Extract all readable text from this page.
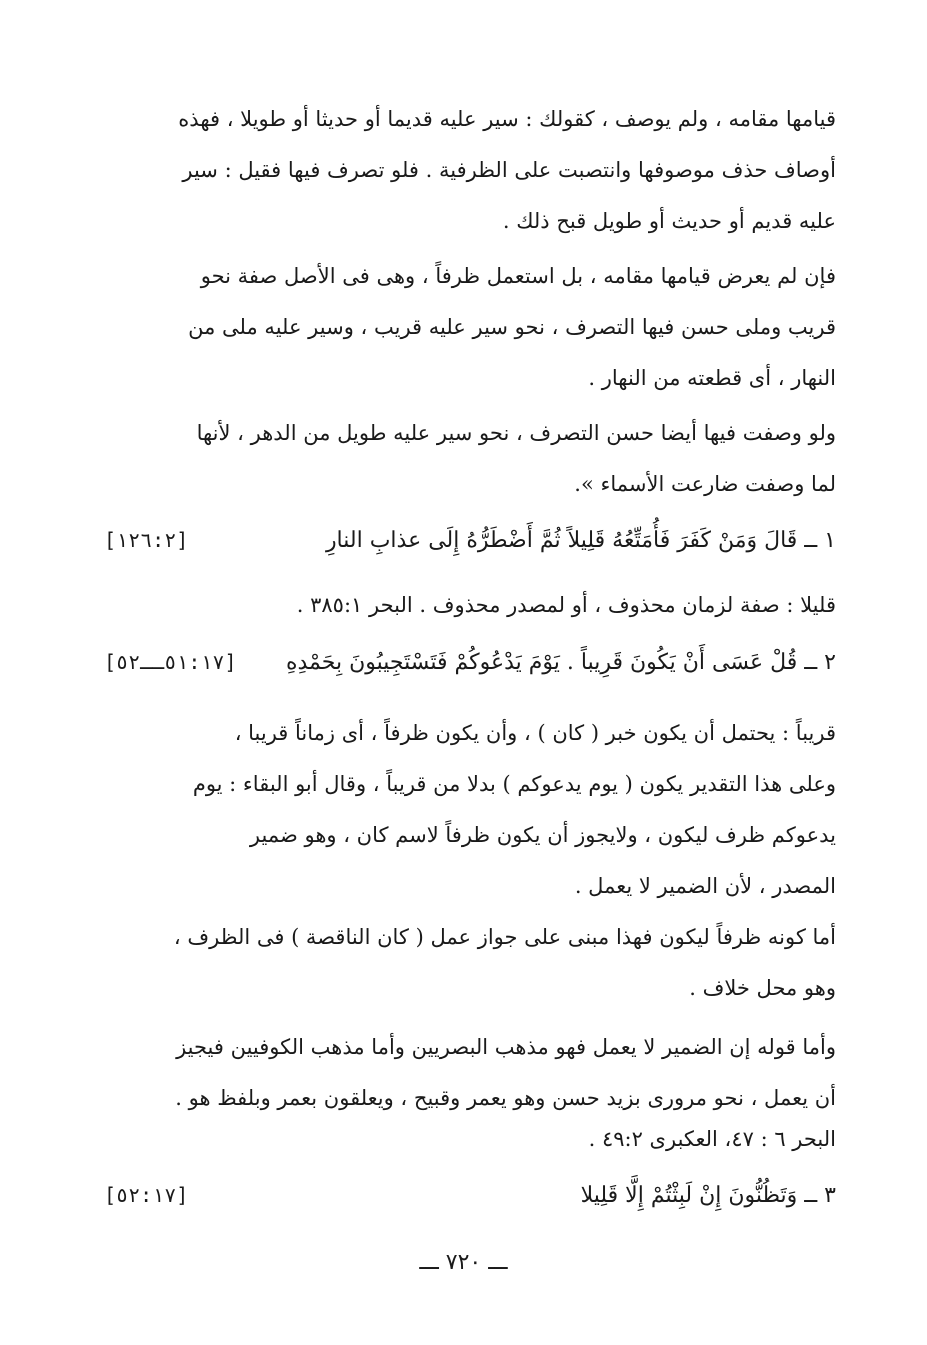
قيامها مقامه ، ولم يوصف ، كقولك : سير عليه قديما أو حديثا أو طويلا ، فهذه
أوصاف حذف موصوفها وانتصبت على الظرفية . فلو تصرف فيها فقيل : سير
عليه قديم أو حديث أو طويل قبح ذلك .
فإن لم يعرض قيامها مقامه ، بل استعمل ظرفاً ، وهى فى الأصل صفة نحو
قريب وملى حسن فيها التصرف ، نحو سير عليه قريب ، وسير عليه ملى من
النهار ، أى قطعته من النهار .
ولو وصفت فيها أيضا حسن التصرف ، نحو سير عليه طويل من الدهر ، لأنها
لما وصفت ضارعت الأسماء ».
١ ــ قَالَ وَمَنْ كَفَرَ فَأُمَتِّعُهُ قَلِيلاً ثُمَّ أَضْطَرُّهُ إِلَى عذابِ النارِ
[١٢٦:٢]
قليلا : صفة لزمان محذوف ، أو لمصدر محذوف . البحر ٣٨٥:١ .
٢ ــ قُلْ عَسَى أَنْ يَكُونَ قَرِيباً . يَوْمَ يَدْعُوكُمْ فَتَسْتَجِيبُونَ بِحَمْدِهِ
[٥١:١٧ــ٥٢]
قريباً : يحتمل أن يكون خبر ( كان ) ، وأن يكون ظرفاً ، أى زماناً قريبا ،
وعلى هذا التقدير يكون ( يوم يدعوكم ) بدلا من قريباً ، وقال أبو البقاء : يوم
يدعوكم ظرف ليكون ، ولايجوز أن يكون ظرفاً لاسم كان ، وهو ضمير
المصدر ، لأن الضمير لا يعمل .
أما كونه ظرفاً ليكون فهذا مبنى على جواز عمل ( كان الناقصة ) فى الظرف ،
وهو محل خلاف .
وأما قوله إن الضمير لا يعمل فهو مذهب البصريين وأما مذهب الكوفيين فيجيز
أن يعمل ، نحو مرورى بزيد حسن وهو يعمر وقبيح ، ويعلقون بعمر وبلفظ هو .
البحر ٦ : ٤٧، العكبرى ٤٩:٢ .
٣ ــ وَتَظُنُّونَ إِنْ لَبِثْتُمْ إِلَّا قَلِيلا
[٥٢:١٧]
ـــ ٧٢٠ ـــ
